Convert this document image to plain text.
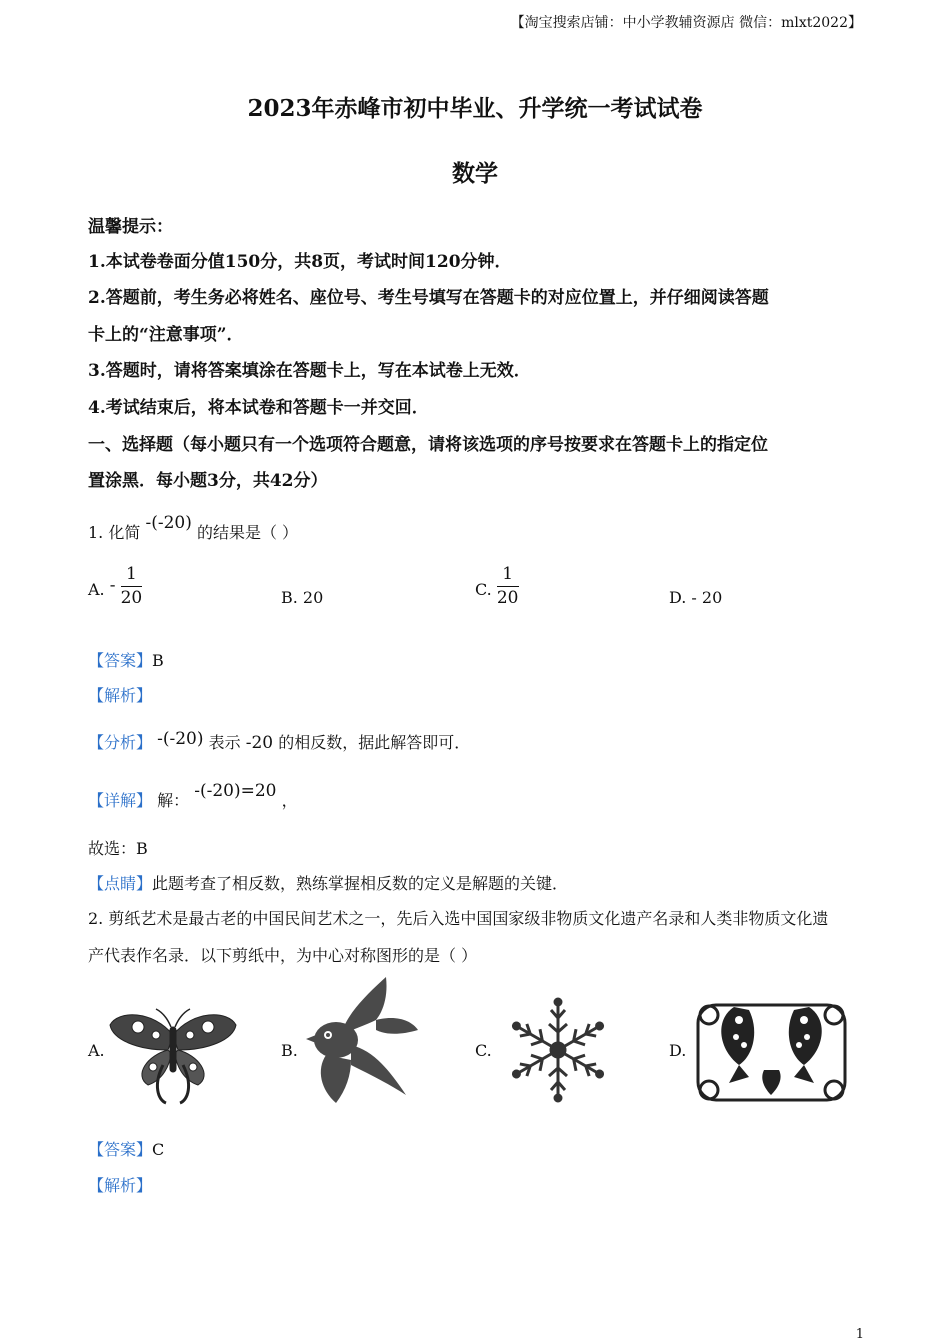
【淘宝搜索店铺：中小学教辅资源店 微信：mlxt2022】
2023年赤峰市初中毕业、升学统一考试试卷
数学
温馨提示：
1.本试卷卷面分值150分，共8页，考试时间120分钟．
2.答题前，考生务必将姓名、座位号、考生号填写在答题卡的对应位置上，并仔细阅读答题
卡上的“注意事项”．
3.答题时，请将答案填涂在答题卡上，写在本试卷上无效．
4.考试结束后，将本试卷和答题卡一并交回．
一、选择题（每小题只有一个选项符合题意，请将该选项的序号按要求在答题卡上的指定位
置涂黑．每小题3分，共42分）
1. 化简 -(-20) 的结果是（ ）
A. - $\frac{1}{20}$	B. 20	C. $\frac{1}{20}$	D. - 20
【答案】B
【解析】
【分析】 -(-20) 表示 -20 的相反数，据此解答即可．
【详解】 解： -(-20)=20 ，
故选：B
【点睛】此题考查了相反数，熟练掌握相反数的定义是解题的关键．
2. 剪纸艺术是最古老的中国民间艺术之一，先后入选中国国家级非物质文化遗产名录和人类非物质文化遗
产代表作名录．以下剪纸中，为中心对称图形的是（ ）
A.	B.	C.	D.
【答案】C
【解析】
1
